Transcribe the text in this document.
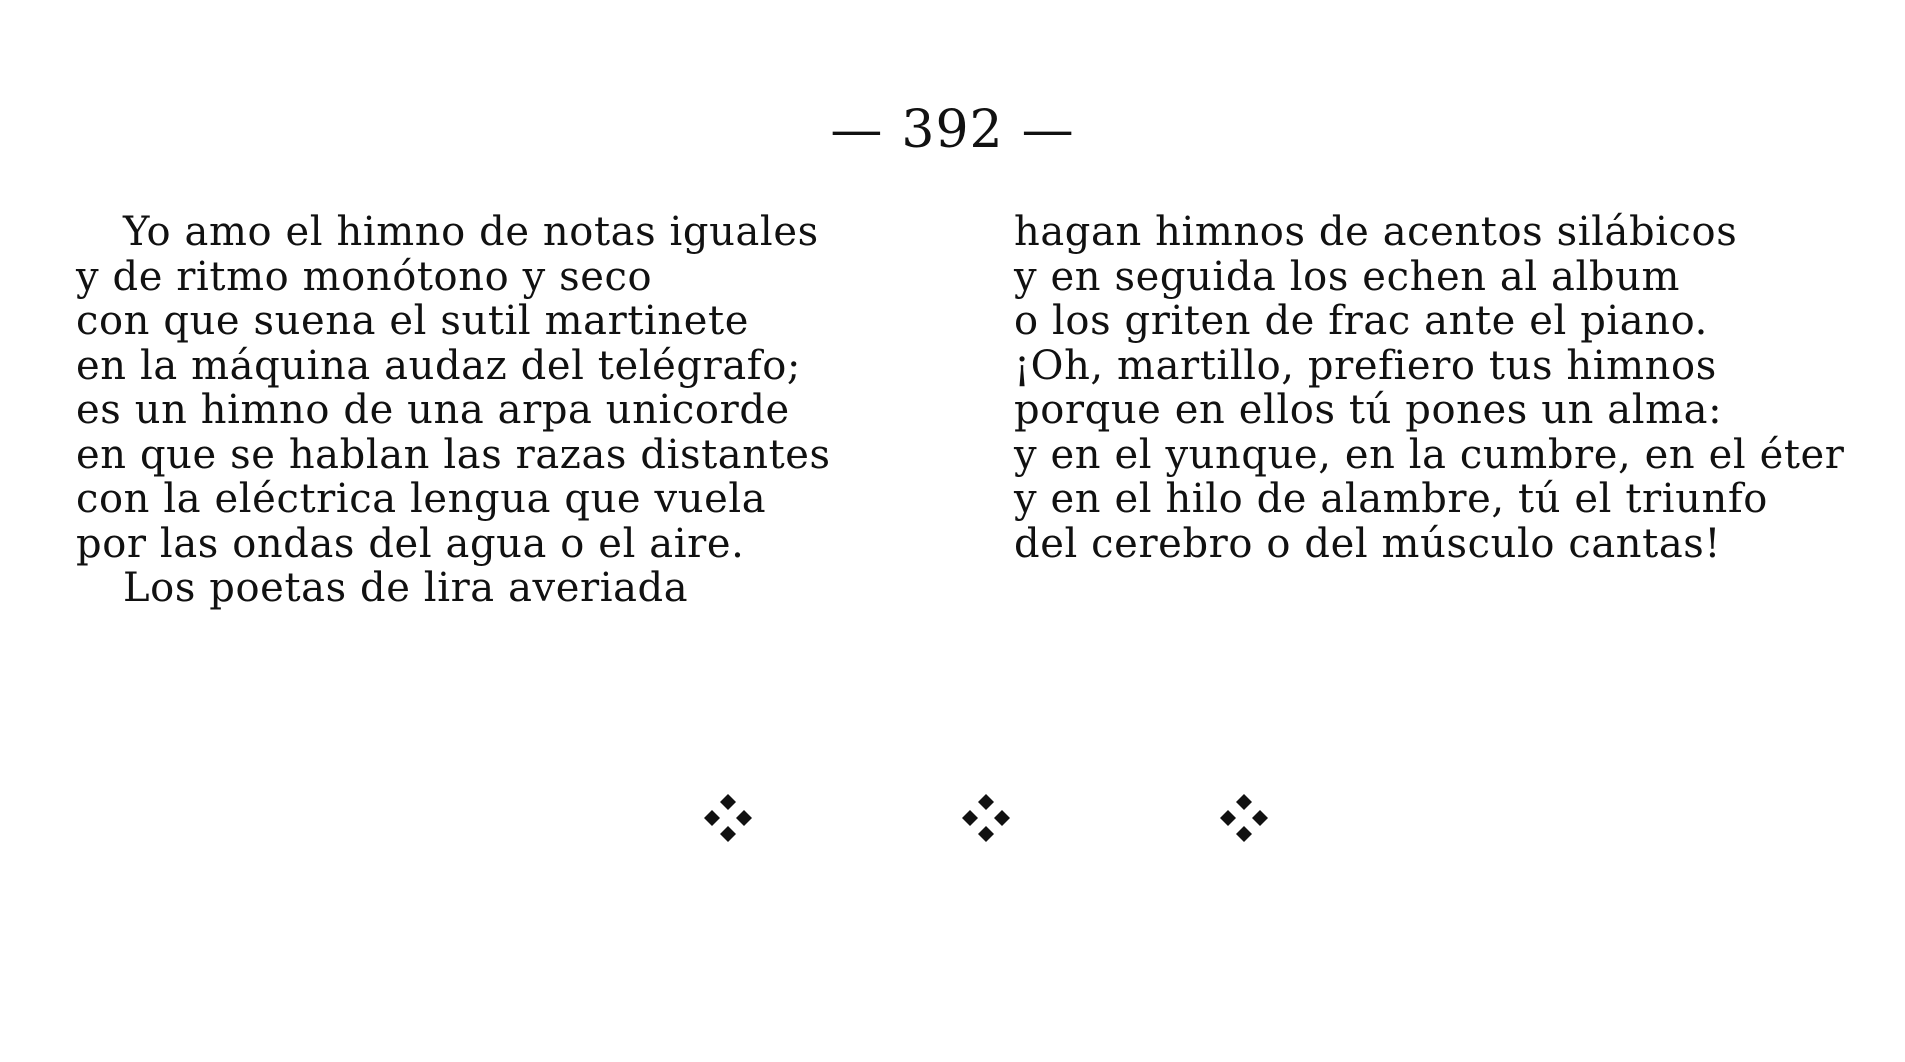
— 392 —
Yo amo el himno de notas iguales
y de ritmo monótono y seco
con que suena el sutil martinete
en la máquina audaz del telégrafo;
es un himno de una arpa unicorde
en que se hablan las razas distantes
con la eléctrica lengua que vuela
por las ondas del agua o el aire.
Los poetas de lira averiada
hagan himnos de acentos silábicos
y en seguida los echen al album
o los griten de frac ante el piano.
¡Oh, martillo, prefiero tus himnos
porque en ellos tú pones un alma:
y en el yunque, en la cumbre, en el éter
y en el hilo de alambre, tú el triunfo
del cerebro o del músculo cantas!
